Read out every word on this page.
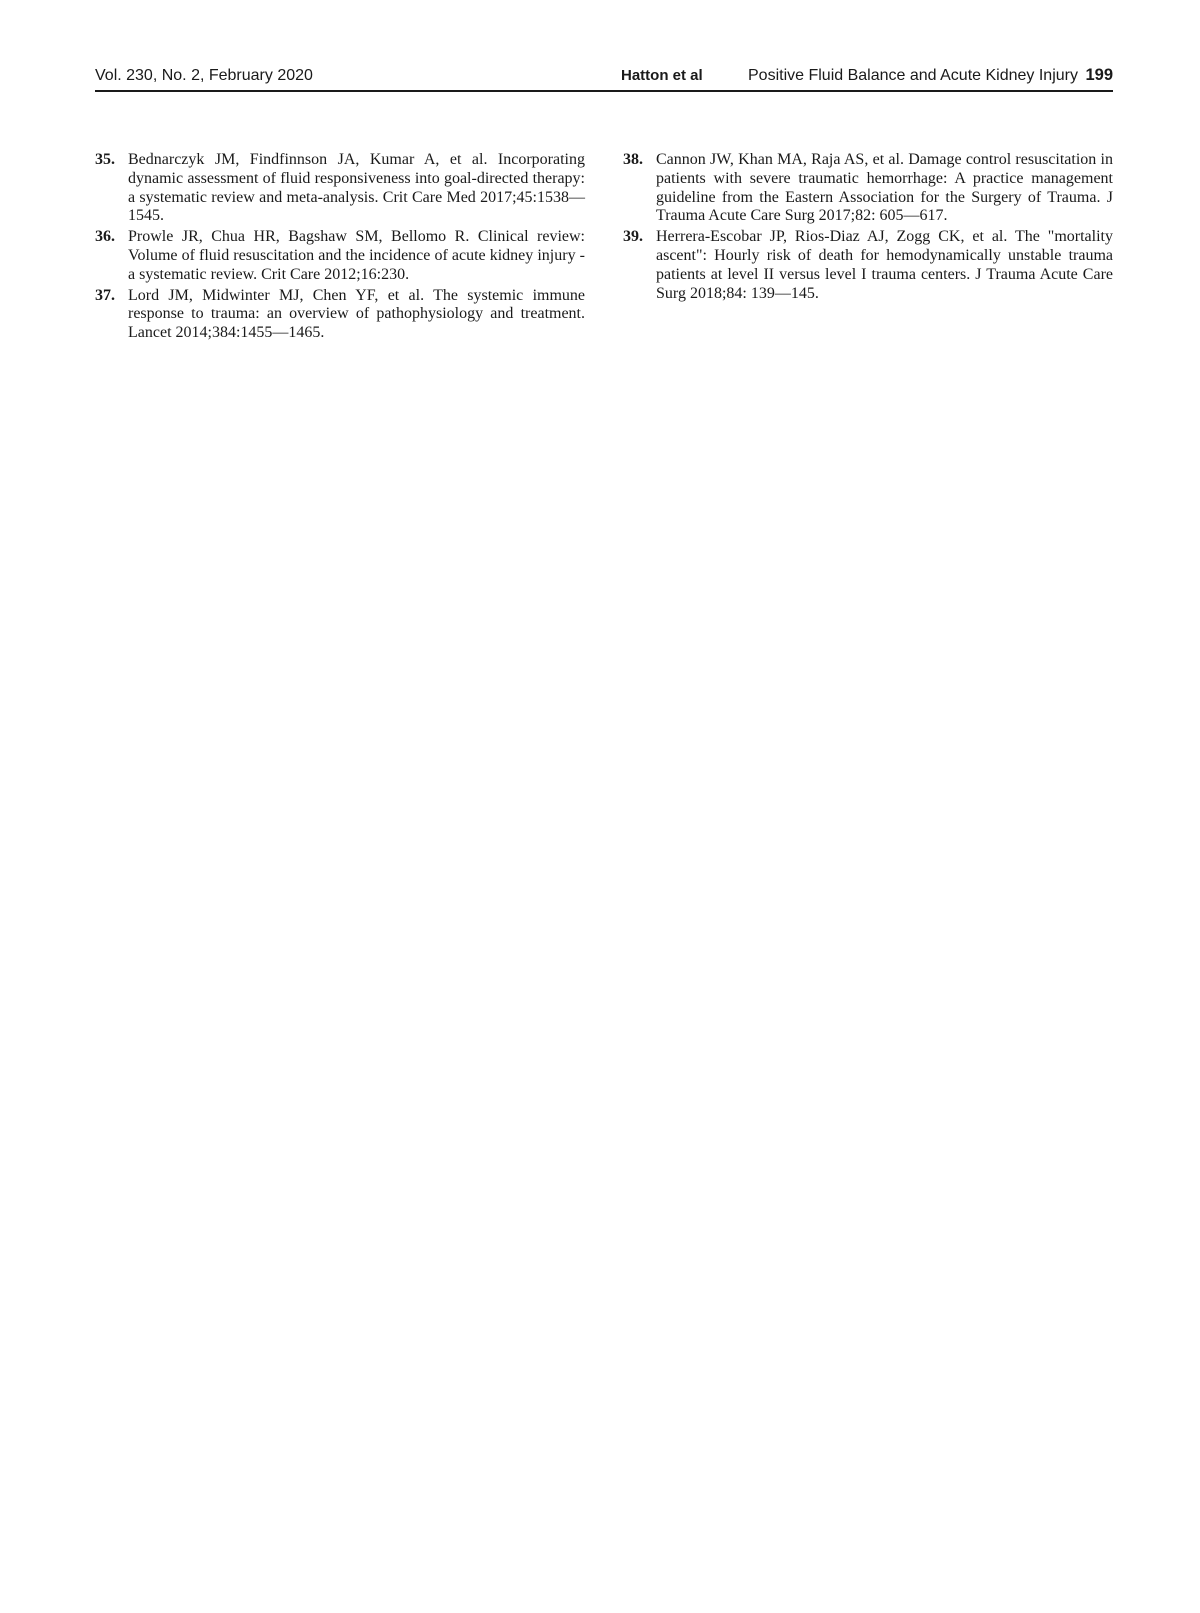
Vol. 230, No. 2, February 2020	Hatton et al	Positive Fluid Balance and Acute Kidney Injury 199
35. Bednarczyk JM, Findfinnson JA, Kumar A, et al. Incorporating dynamic assessment of fluid responsiveness into goal-directed therapy: a systematic review and meta-analysis. Crit Care Med 2017;45:1538—1545.
36. Prowle JR, Chua HR, Bagshaw SM, Bellomo R. Clinical review: Volume of fluid resuscitation and the incidence of acute kidney injury - a systematic review. Crit Care 2012;16:230.
37. Lord JM, Midwinter MJ, Chen YF, et al. The systemic immune response to trauma: an overview of pathophysiology and treatment. Lancet 2014;384:1455—1465.
38. Cannon JW, Khan MA, Raja AS, et al. Damage control resuscitation in patients with severe traumatic hemorrhage: A practice management guideline from the Eastern Association for the Surgery of Trauma. J Trauma Acute Care Surg 2017;82: 605—617.
39. Herrera-Escobar JP, Rios-Diaz AJ, Zogg CK, et al. The "mortality ascent": Hourly risk of death for hemodynamically unstable trauma patients at level II versus level I trauma centers. J Trauma Acute Care Surg 2018;84: 139—145.
